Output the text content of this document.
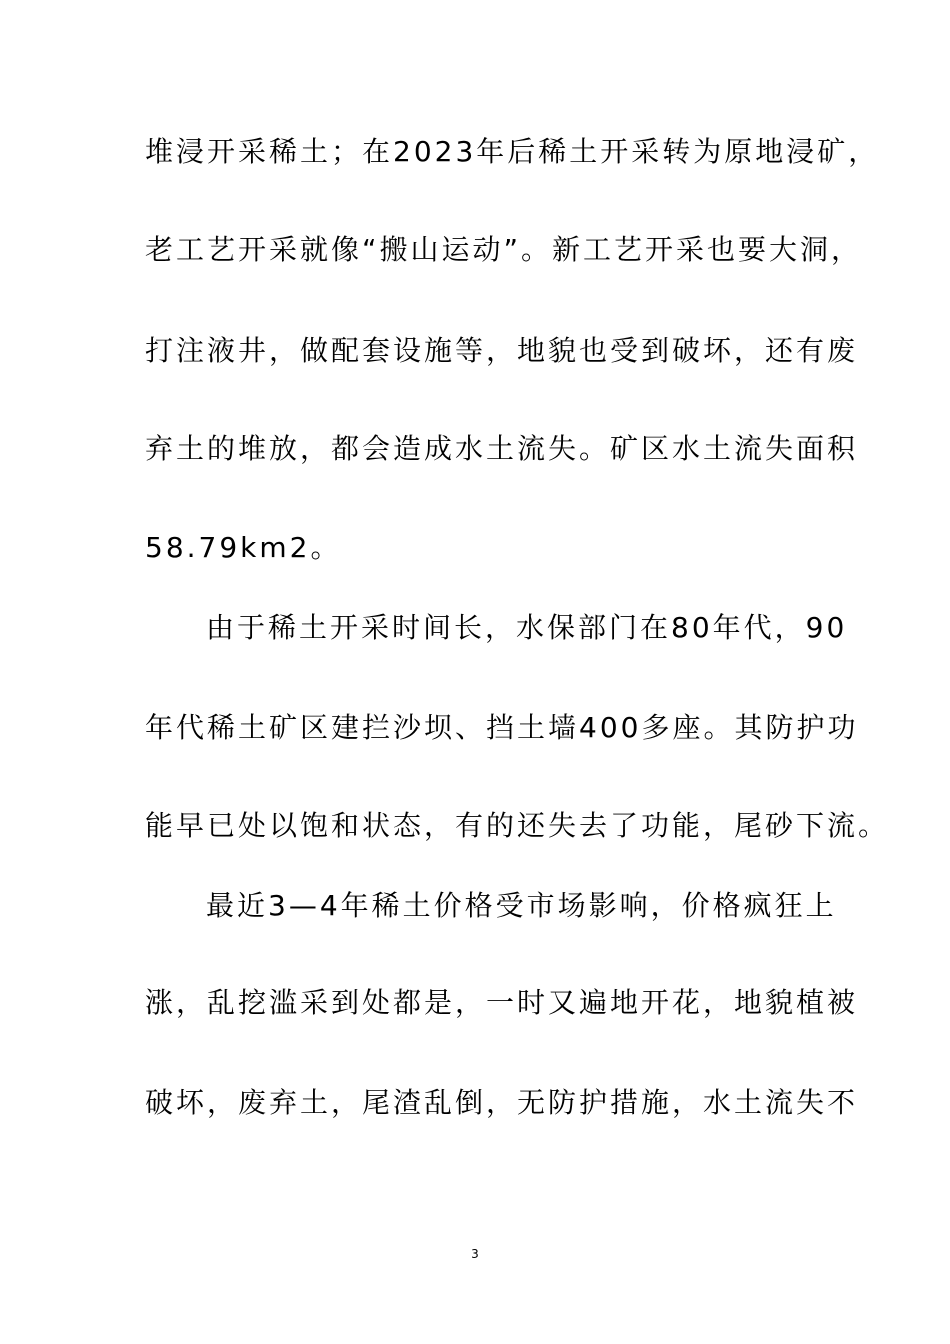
堆浸开采稀土；在2023年后稀土开采转为原地浸矿，
老工艺开采就像“搬山运动”。新工艺开采也要大洞，
打注液井，做配套设施等，地貌也受到破坏，还有废
弃土的堆放，都会造成水土流失。矿区水土流失面积
58.79km2。
由于稀土开采时间长，水保部门在80年代，90
年代稀土矿区建拦沙坝、挡土墙400多座。其防护功
能早已处以饱和状态，有的还失去了功能，尾砂下流。
最近3—4年稀土价格受市场影响，价格疯狂上
涨，乱挖滥采到处都是，一时又遍地开花，地貌植被
破坏，废弃土，尾渣乱倒，无防护措施，水土流失不
3
